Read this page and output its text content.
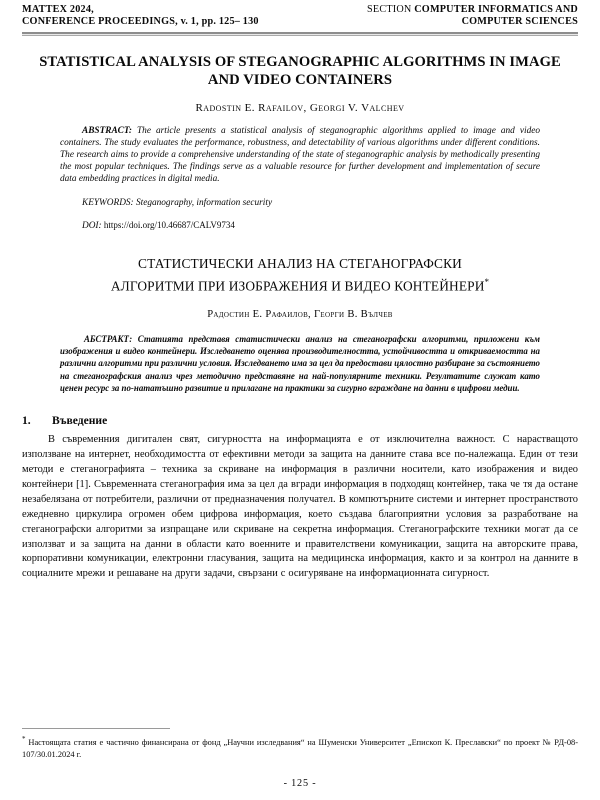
MATTEX 2024,
CONFERENCE PROCEEDINGS, v. 1, pp. 125– 130
SECTION COMPUTER INFORMATICS AND
COMPUTER SCIENCES
STATISTICAL ANALYSIS OF STEGANOGRAPHIC ALGORITHMS IN IMAGE AND VIDEO CONTAINERS
Radostin E. Rafailov, Georgi V. Valchev
ABSTRACT: The article presents a statistical analysis of steganographic algorithms applied to image and video containers. The study evaluates the performance, robustness, and detectability of various algorithms under different conditions. The research aims to provide a comprehensive understanding of the state of steganographic analysis by methodically presenting the most popular techniques. The findings serve as a valuable resource for further development and implementation of secure data embedding practices in digital media.
KEYWORDS: Steganography, information security
DOI: https://doi.org/10.46687/CALV9734
СТАТИСТИЧЕСКИ АНАЛИЗ НА СТЕГАНОГРАФСКИ
АЛГОРИТМИ ПРИ ИЗОБРАЖЕНИЯ И ВИДЕО КОНТЕЙНЕРИ*
Радостин Е. Рафаилов, Георги В. Вълчев
АБСТРАКТ: Статията представя статистически анализ на стеганографски алгоритми, приложени към изображения и видео контейнери. Изследването оценява производителността, устойчивостта и откриваемостта на различни алгоритми при различни условия. Изследването има за цел да предостави цялостно разбиране за състоянието на стеганографския анализ чрез методично представяне на най-популярните техники. Резултатите служат като ценен ресурс за по-нататъшно развитие и прилагане на практики за сигурно вграждане на данни в цифрови медии.
1.	Въведение
В съвременния дигитален свят, сигурността на информацията е от изключителна важност. С нарастващото използване на интернет, необходимостта от ефективни методи за защита на данните става все по-належаща. Един от тези методи е стеганографията – техника за скриване на информация в различни носители, като изображения и видео контейнери [1]. Съвременната стеганография има за цел да вгради информация в подходящ контейнер, така че тя да остане незабелязана от потребители, различни от предназначения получател. В компютърните системи и интернет пространството ежедневно циркулира огромен обем цифрова информация, което създава благоприятни условия за разработване на стеганографски алгоритми за изпращане или скриване на секретна информация. Стеганографските техники могат да се използват и за защита на данни в области като военните и правителствени комуникации, защита на авторските права, корпоративни комуникации, електронни гласувания, защита на медицинска информация, както и за контрол на данните в социалните мрежи и решаване на други задачи, свързани с осигуряване на информационната сигурност.
* Настоящата статия е частично финансирана от фонд „Научни изследвания“ на Шуменски Университет „Епископ К. Преславски“ по проект № РД-08-107/30.01.2024 г.
- 125 -
